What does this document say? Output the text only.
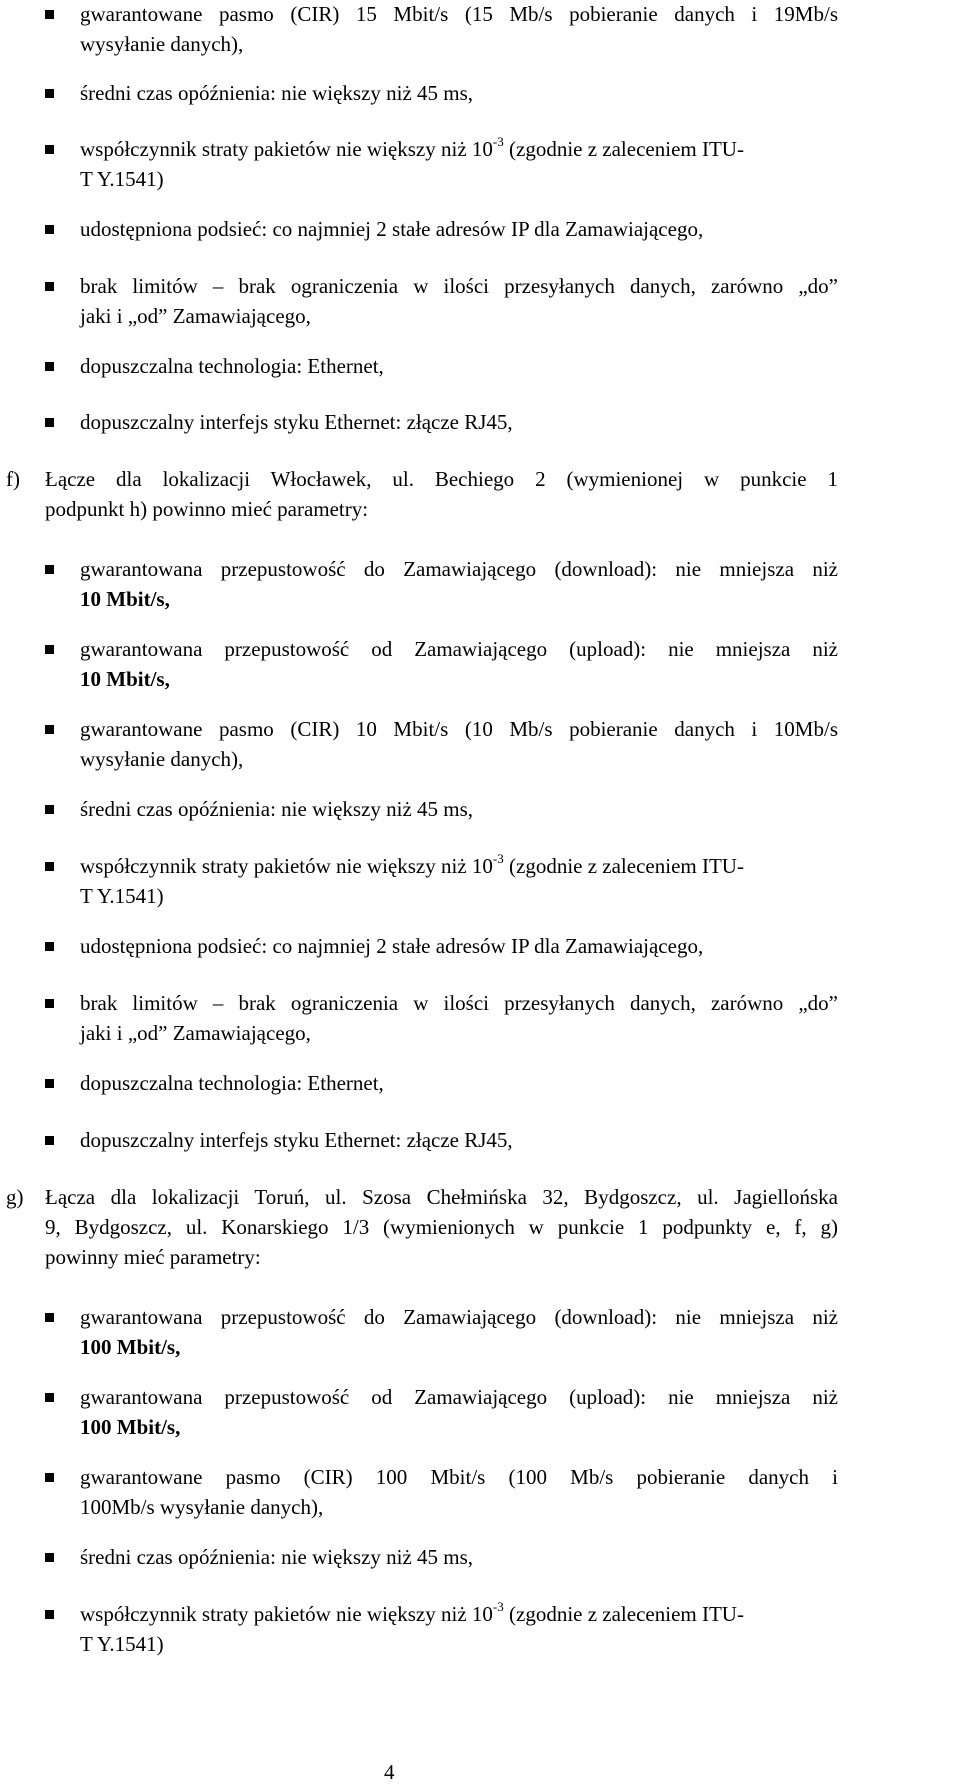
gwarantowane pasmo (CIR) 15 Mbit/s (15 Mb/s pobieranie danych i 19Mb/s
wysyłanie danych),
średni czas opóźnienia: nie większy niż 45 ms,
współczynnik straty pakietów nie większy niż $10^{-3}$ (zgodnie z zaleceniem ITU-
T Y.1541)
udostępniona podsieć: co najmniej 2 stałe adresów IP dla Zamawiającego,
brak limitów – brak ograniczenia w ilości przesyłanych danych, zarówno „do”
jaki i „od” Zamawiającego,
dopuszczalna technologia: Ethernet,
dopuszczalny interfejs styku Ethernet: złącze RJ45,
f) Łącze dla lokalizacji Włocławek, ul. Bechiego 2 (wymienionej w punkcie 1
podpunkt h) powinno mieć parametry:
gwarantowana przepustowość do Zamawiającego (download): nie mniejsza niż
10 Mbit/s,
gwarantowana przepustowość od Zamawiającego (upload): nie mniejsza niż
10 Mbit/s,
gwarantowane pasmo (CIR) 10 Mbit/s (10 Mb/s pobieranie danych i 10Mb/s
wysyłanie danych),
średni czas opóźnienia: nie większy niż 45 ms,
współczynnik straty pakietów nie większy niż $10^{-3}$ (zgodnie z zaleceniem ITU-
T Y.1541)
udostępniona podsieć: co najmniej 2 stałe adresów IP dla Zamawiającego,
brak limitów – brak ograniczenia w ilości przesyłanych danych, zarówno „do”
jaki i „od” Zamawiającego,
dopuszczalna technologia: Ethernet,
dopuszczalny interfejs styku Ethernet: złącze RJ45,
g) Łącza dla lokalizacji Toruń, ul. Szosa Chełmińska 32, Bydgoszcz, ul. Jagiellońska
9, Bydgoszcz, ul. Konarskiego 1/3 (wymienionych w punkcie 1 podpunkty e, f, g)
powinny mieć parametry:
gwarantowana przepustowość do Zamawiającego (download): nie mniejsza niż
100 Mbit/s,
gwarantowana przepustowość od Zamawiającego (upload): nie mniejsza niż
100 Mbit/s,
gwarantowane pasmo (CIR) 100 Mbit/s (100 Mb/s pobieranie danych i
100Mb/s wysyłanie danych),
średni czas opóźnienia: nie większy niż 45 ms,
współczynnik straty pakietów nie większy niż $10^{-3}$ (zgodnie z zaleceniem ITU-
T Y.1541)
4
